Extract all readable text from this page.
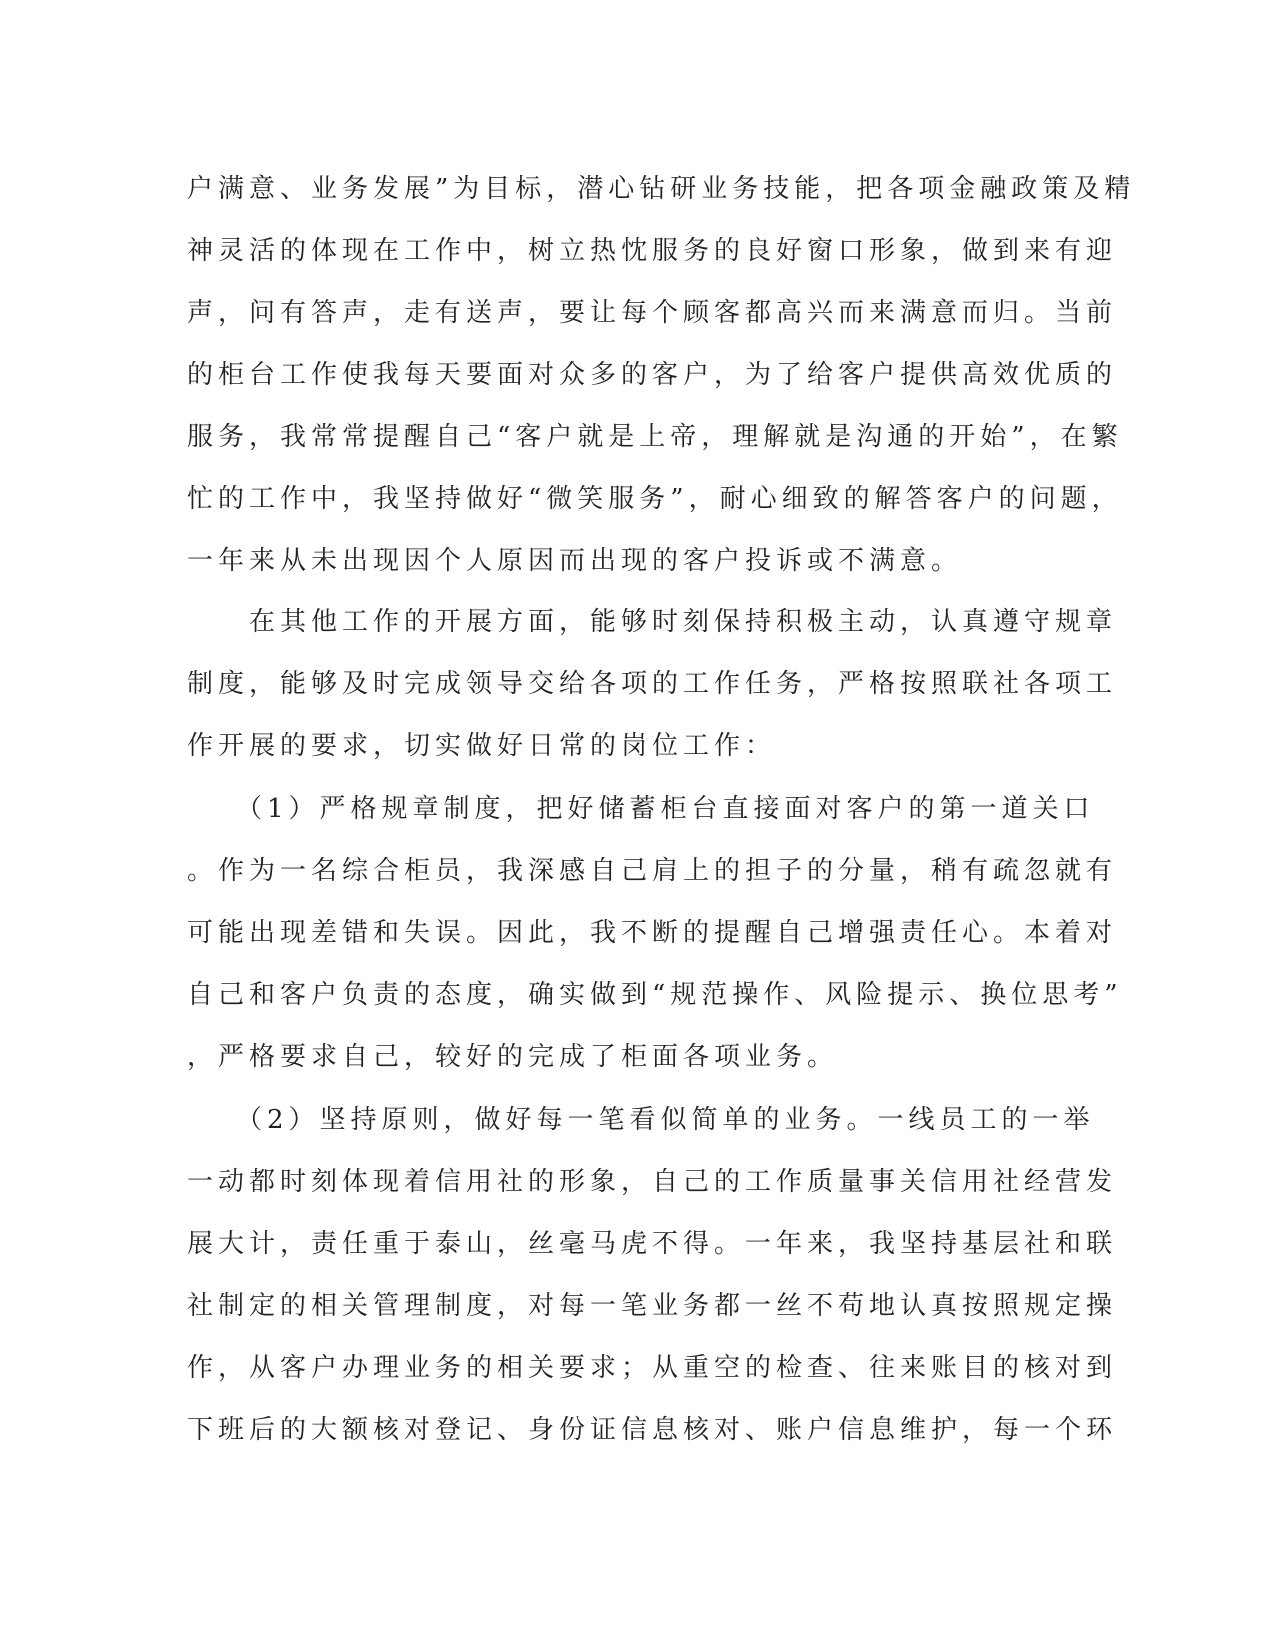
户满意、业务发展”为目标，潜心钻研业务技能，把各项金融政策及精
神灵活的体现在工作中，树立热忱服务的良好窗口形象，做到来有迎
声，问有答声，走有送声，要让每个顾客都高兴而来满意而归。当前
的柜台工作使我每天要面对众多的客户，为了给客户提供高效优质的
服务，我常常提醒自己“客户就是上帝，理解就是沟通的开始”，在繁
忙的工作中，我坚持做好“微笑服务”，耐心细致的解答客户的问题，
一年来从未出现因个人原因而出现的客户投诉或不满意。
　　在其他工作的开展方面，能够时刻保持积极主动，认真遵守规章
制度，能够及时完成领导交给各项的工作任务，严格按照联社各项工
作开展的要求，切实做好日常的岗位工作：
　　（1）严格规章制度，把好储蓄柜台直接面对客户的第一道关口
。作为一名综合柜员，我深感自己肩上的担子的分量，稍有疏忽就有
可能出现差错和失误。因此，我不断的提醒自己增强责任心。本着对
自己和客户负责的态度，确实做到“规范操作、风险提示、换位思考”
，严格要求自己，较好的完成了柜面各项业务。
　　（2）坚持原则，做好每一笔看似简单的业务。一线员工的一举
一动都时刻体现着信用社的形象，自己的工作质量事关信用社经营发
展大计，责任重于泰山，丝毫马虎不得。一年来，我坚持基层社和联
社制定的相关管理制度，对每一笔业务都一丝不苟地认真按照规定操
作，从客户办理业务的相关要求；从重空的检查、往来账目的核对到
下班后的大额核对登记、身份证信息核对、账户信息维护，每一个环
